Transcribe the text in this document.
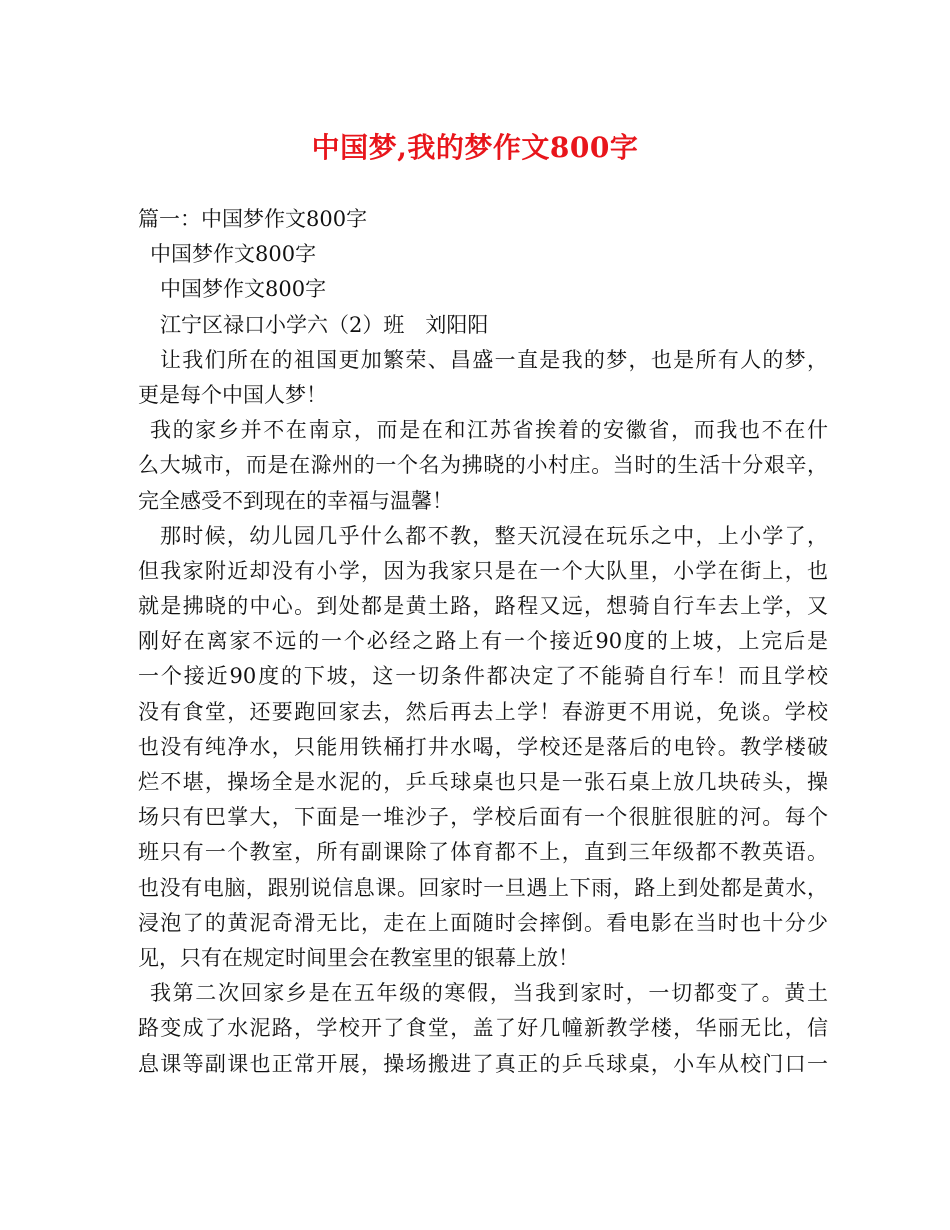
中国梦,我的梦作文800字
篇一：中国梦作文800字
中国梦作文800字
中国梦作文800字
江宁区禄口小学六（2）班　刘阳阳
让我们所在的祖国更加繁荣、昌盛一直是我的梦，也是所有人的梦，
更是每个中国人梦！
我的家乡并不在南京，而是在和江苏省挨着的安徽省，而我也不在什
么大城市，而是在滁州的一个名为拂晓的小村庄。当时的生活十分艰辛，
完全感受不到现在的幸福与温馨！
那时候，幼儿园几乎什么都不教，整天沉浸在玩乐之中，上小学了，
但我家附近却没有小学，因为我家只是在一个大队里，小学在街上，也
就是拂晓的中心。到处都是黄土路，路程又远，想骑自行车去上学，又
刚好在离家不远的一个必经之路上有一个接近90度的上坡，上完后是
一个接近90度的下坡，这一切条件都决定了不能骑自行车！而且学校
没有食堂，还要跑回家去，然后再去上学！春游更不用说，免谈。学校
也没有纯净水，只能用铁桶打井水喝，学校还是落后的电铃。教学楼破
烂不堪，操场全是水泥的，乒乓球桌也只是一张石桌上放几块砖头，操
场只有巴掌大，下面是一堆沙子，学校后面有一个很脏很脏的河。每个
班只有一个教室，所有副课除了体育都不上，直到三年级都不教英语。
也没有电脑，跟别说信息课。回家时一旦遇上下雨，路上到处都是黄水，
浸泡了的黄泥奇滑无比，走在上面随时会摔倒。看电影在当时也十分少
见，只有在规定时间里会在教室里的银幕上放！
我第二次回家乡是在五年级的寒假，当我到家时，一切都变了。黄土
路变成了水泥路，学校开了食堂，盖了好几幢新教学楼，华丽无比，信
息课等副课也正常开展，操场搬进了真正的乒乓球桌，小车从校门口一
